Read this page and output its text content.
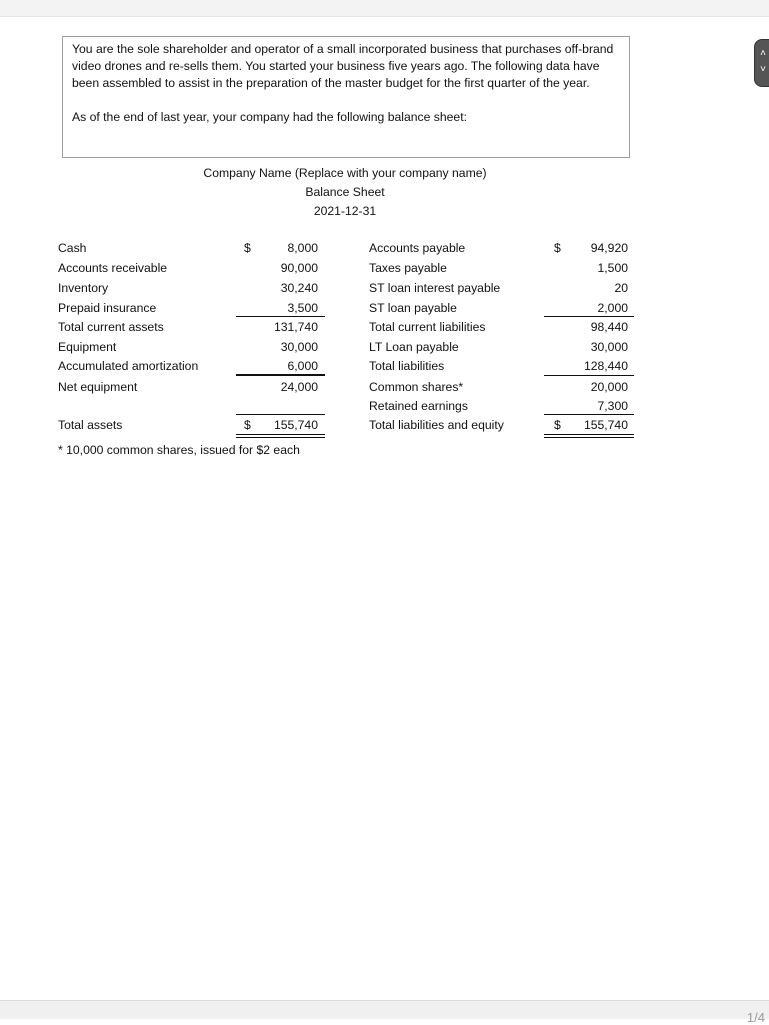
˄
˅

You are the sole shareholder and operator of a small incorporated business that purchases off-brand video drones and re-sells them. You started your business five years ago. The following data have been assembled to assist in the preparation of the master budget for the first quarter of the year.

As of the end of last year, your company had the following balance sheet:

Company Name (Replace with your company name)
Balance Sheet
2021-12-31
Cash	$	8,000
Accounts receivable	90,000
Inventory	30,240
Prepaid insurance	3,500
Total current assets	131,740
Equipment	30,000
Accumulated amortization	6,000
Net equipment	24,000
Total assets	$	155,740
Accounts payable	$	94,920
Taxes payable	1,500
ST loan interest payable	20
ST loan payable	2,000
Total current liabilities	98,440
LT Loan payable	30,000
Total liabilities	128,440
Common shares*	20,000
Retained earnings	7,300
Total liabilities and equity	$	155,740
* 10,000 common shares, issued for $2 each
1/4
